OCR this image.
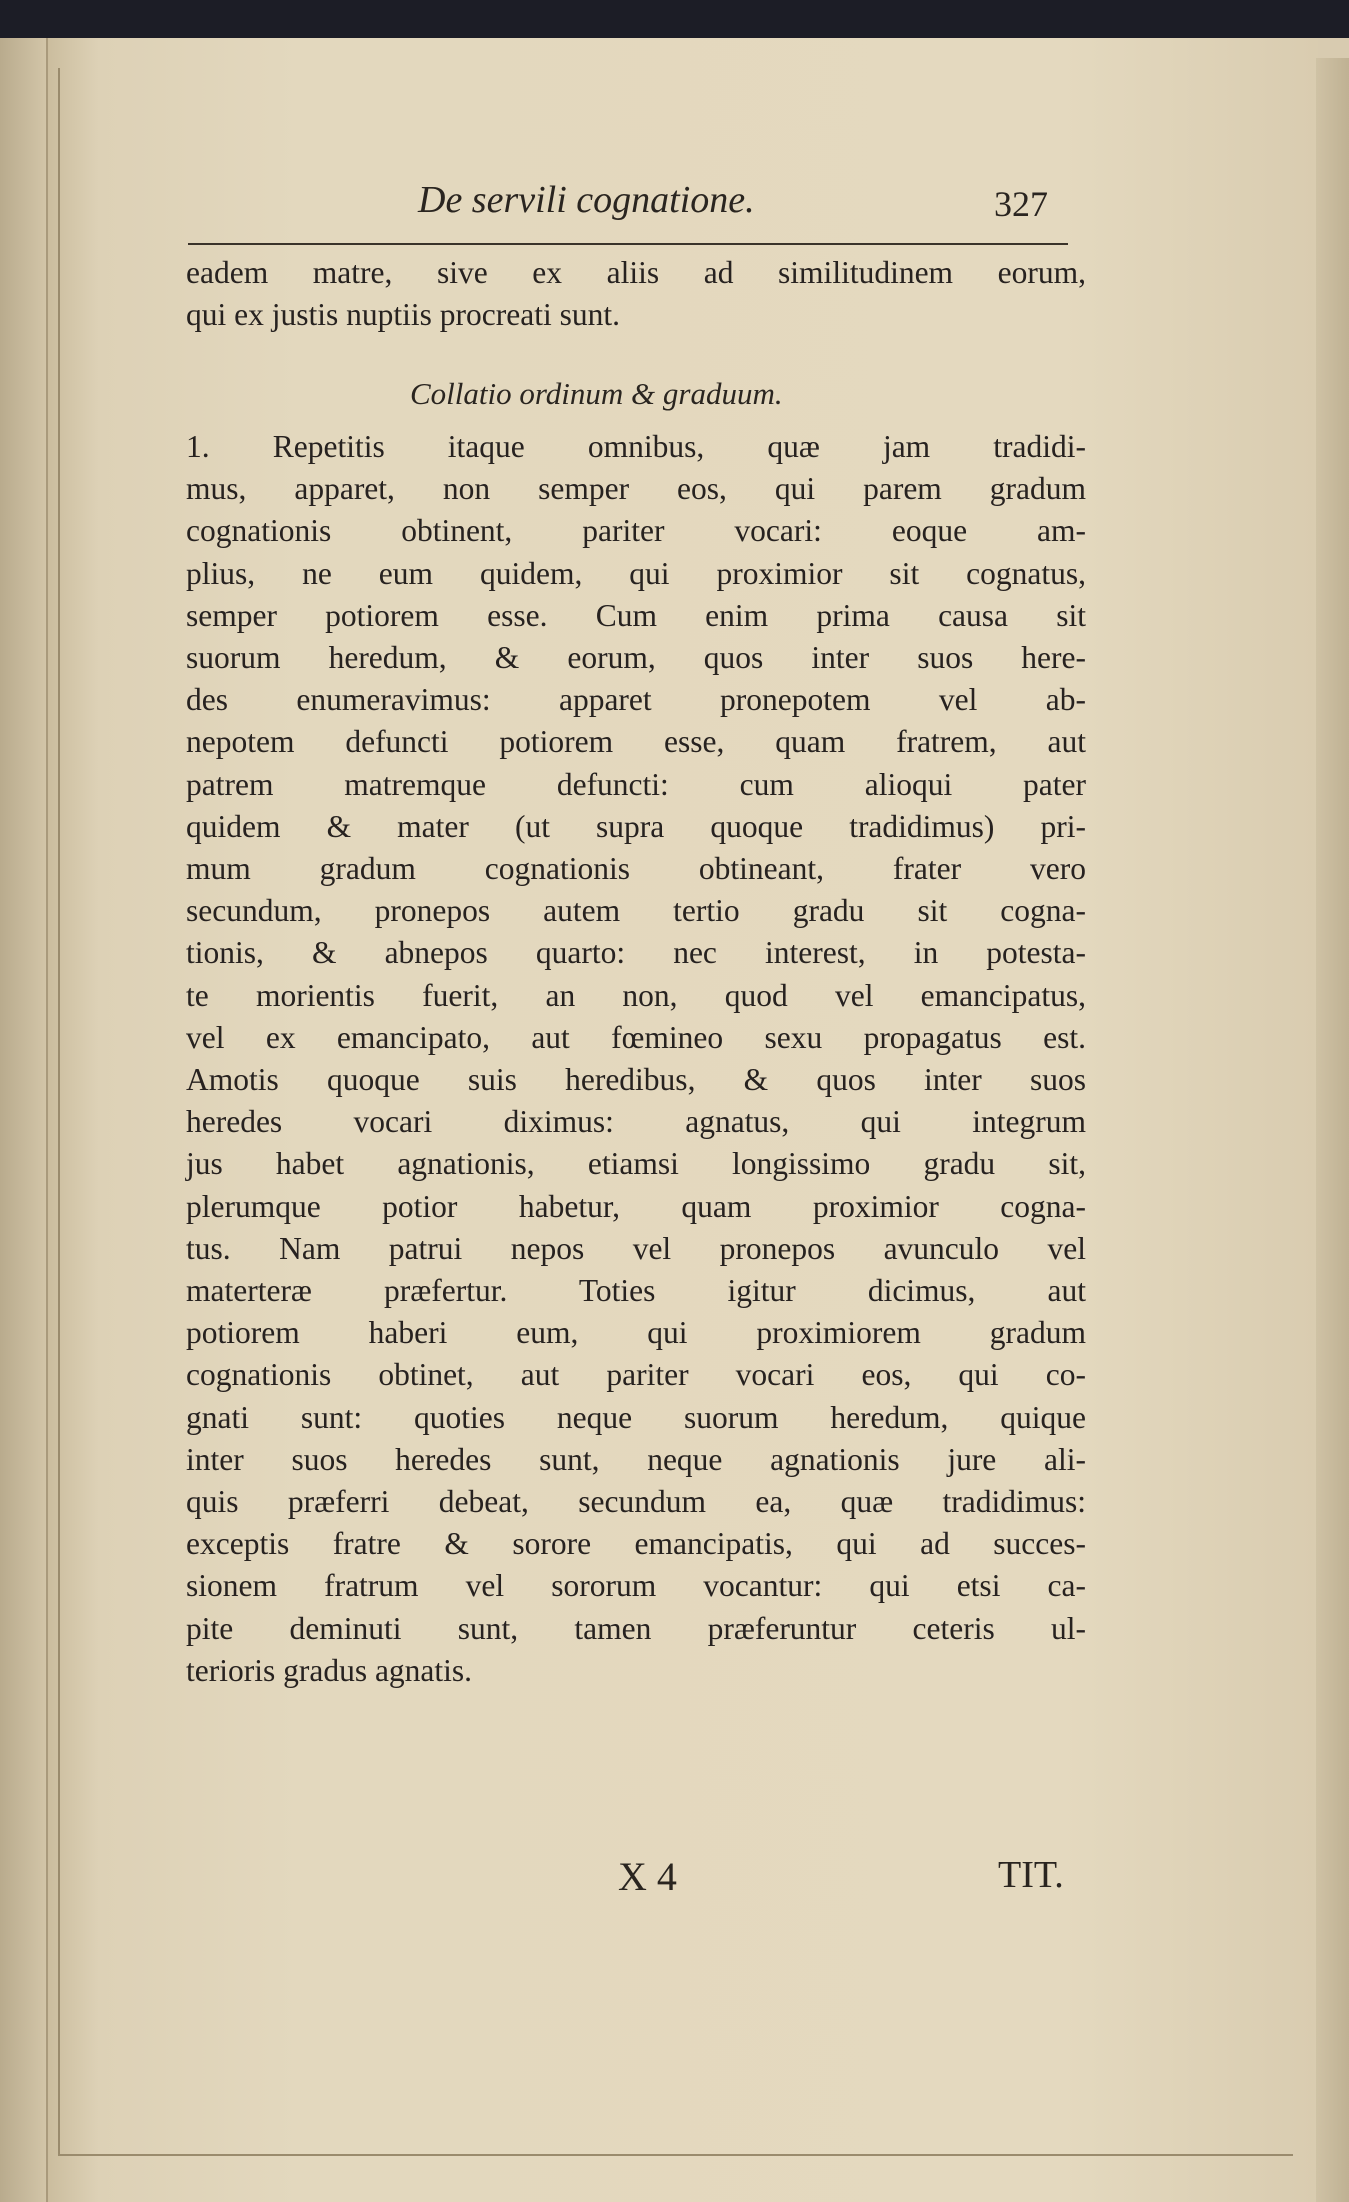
De servili cognatione.	327
eadem matre, sive ex aliis ad similitudinem eorum,
qui ex justis nuptiis procreati sunt.
Collatio ordinum & graduum.
1. Repetitis itaque omnibus, quæ jam tradidi-
mus, apparet, non semper eos, qui parem gradum
cognationis obtinent, pariter vocari: eoque am-
plius, ne eum quidem, qui proximior sit cognatus,
semper potiorem esse. Cum enim prima causa sit
suorum heredum, & eorum, quos inter suos here-
des enumeravimus: apparet pronepotem vel ab-
nepotem defuncti potiorem esse, quam fratrem, aut
patrem matremque defuncti: cum alioqui pater
quidem & mater (ut supra quoque tradidimus) pri-
mum gradum cognationis obtineant, frater vero
secundum, pronepos autem tertio gradu sit cogna-
tionis, & abnepos quarto: nec interest, in potesta-
te morientis fuerit, an non, quod vel emancipatus,
vel ex emancipato, aut fœmineo sexu propagatus est.
Amotis quoque suis heredibus, & quos inter suos
heredes vocari diximus: agnatus, qui integrum
jus habet agnationis, etiamsi longissimo gradu sit,
plerumque potior habetur, quam proximior cogna-
tus. Nam patrui nepos vel pronepos avunculo vel
materteræ præfertur. Toties igitur dicimus, aut
potiorem haberi eum, qui proximiorem gradum
cognationis obtinet, aut pariter vocari eos, qui co-
gnati sunt: quoties neque suorum heredum, quique
inter suos heredes sunt, neque agnationis jure ali-
quis præferri debeat, secundum ea, quæ tradidimus:
exceptis fratre & sorore emancipatis, qui ad succes-
sionem fratrum vel sororum vocantur: qui etsi ca-
pite deminuti sunt, tamen præferuntur ceteris ul-
terioris gradus agnatis.
X 4	TIT.
